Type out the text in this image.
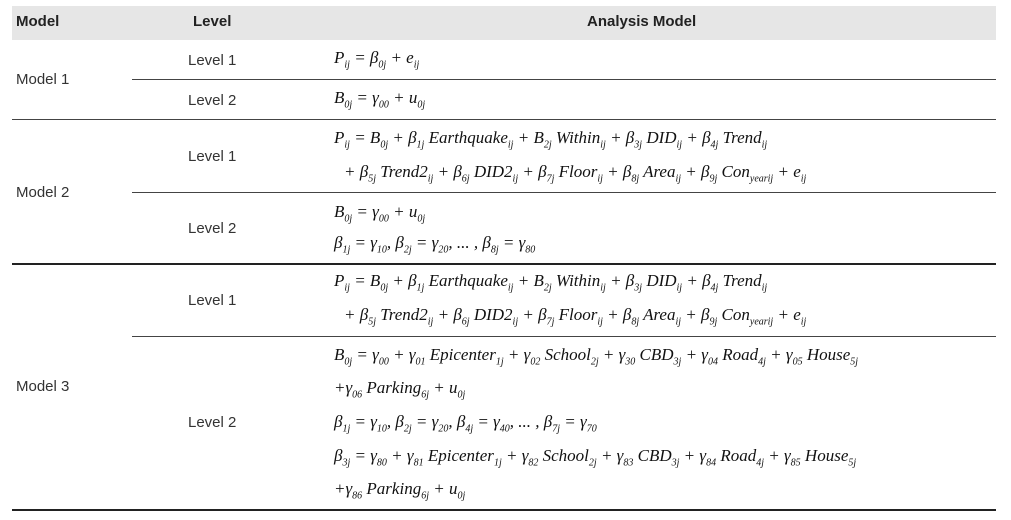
Model	Level	Analysis Model
Model 1
Level 1
Level 2
$P_{ij} = \beta_{0j} + e_{ij}$
$B_{0j} = \gamma_{00} + u_{0j}$
Model 2
Level 1
Level 2
$P_{ij} = B_{0j} + \beta_{1j}$ Earthquake$_{ij}$ + $B_{2j}$ Within$_{ij}$ + $\beta_{3j}$ $DID_{ij} + \beta_{4j}$ Trend$_{ij}$
+ $\beta_{5j}$ $Trend2_{ij} + \beta_{6j}$ $DID2_{ij} + \beta_{7j}$ Floor$_{ij}$ + $\beta_{8j}$ Area$_{ij}$ + $\beta_{9j}$ $Con_{yearij} + e_{ij}$
$B_{0j} = \gamma_{00} + u_{0j}$
$\beta_{1j} = \gamma_{10}$, $\beta_{2j} = \gamma_{20}$, ... , $\beta_{8j} = \gamma_{80}$
Model 3
Level 1
Level 2
$P_{ij} = B_{0j} + \beta_{1j}$ Earthquake$_{ij}$ + $B_{2j}$ Within$_{ij}$ + $\beta_{3j}$ $DID_{ij} + \beta_{4j}$ Trend$_{ij}$
+ $\beta_{5j}$ $Trend2_{ij} + \beta_{6j}$ $DID2_{ij} + \beta_{7j}$ Floor$_{ij}$ + $\beta_{8j}$ Area$_{ij}$ + $\beta_{9j}$ $Con_{yearij} + e_{ij}$
$B_{0j} = \gamma_{00} + \gamma_{01}$ Epicenter$_{1j}$ + $\gamma_{02}$ School$_{2j}$ + $\gamma_{30}$ $CBD_{3j} + \gamma_{04}$ Road$_{4j}$ + $\gamma_{05}$ House$_{5j}$
$+\gamma_{06}$ Parking$_{6j}$ + $u_{0j}$
$\beta_{1j} = \gamma_{10}$, $\beta_{2j} = \gamma_{20}$, $\beta_{4j} = \gamma_{40}$, ... , $\beta_{7j} = \gamma_{70}$
$\beta_{3j} = \gamma_{80} + \gamma_{81}$ Epicenter$_{1j}$ + $\gamma_{82}$ School$_{2j}$ + $\gamma_{83}$ $CBD_{3j} + \gamma_{84}$ Road$_{4j}$ + $\gamma_{85}$ House$_{5j}$
$+\gamma_{86}$ Parking$_{6j}$ + $u_{0j}$
